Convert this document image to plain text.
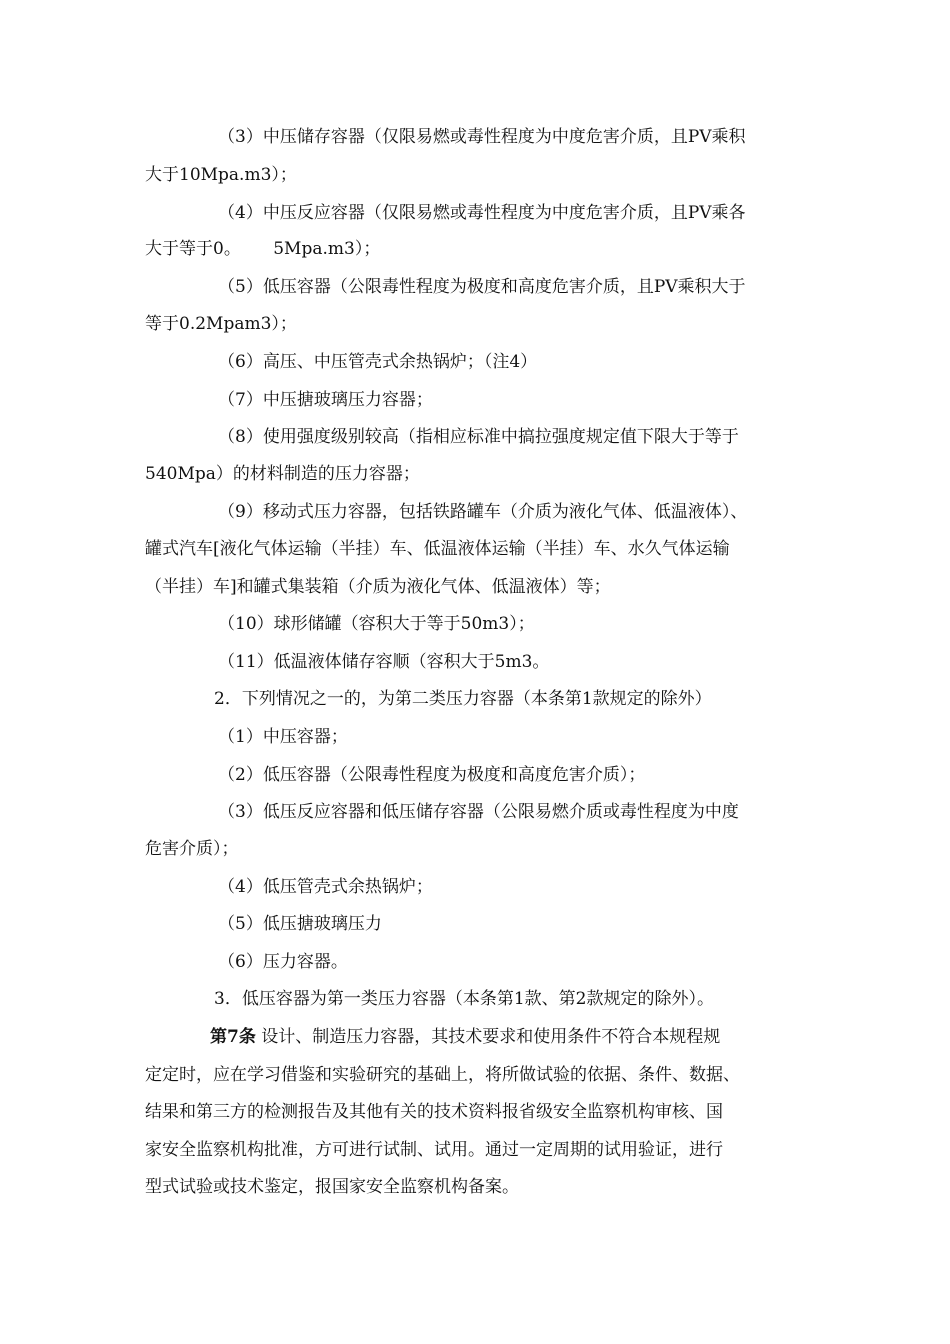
（3）中压储存容器（仅限易燃或毒性程度为中度危害介质，且PV乘积
大于10Mpa.m3）；
（4）中压反应容器（仅限易燃或毒性程度为中度危害介质，且PV乘各
大于等于0。      5Mpa.m3）；
（5）低压容器（公限毒性程度为极度和高度危害介质，且PV乘积大于
等于0.2Mpam3）；
（6）高压、中压管壳式余热锅炉；（注4）
（7）中压搪玻璃压力容器；
（8）使用强度级别较高（指相应标准中搞拉强度规定值下限大于等于
540Mpa）的材料制造的压力容器；
（9）移动式压力容器，包括铁路罐车（介质为液化气体、低温液体）、
罐式汽车[液化气体运输（半挂）车、低温液体运输（半挂）车、水久气体运输
（半挂）车]和罐式集装箱（介质为液化气体、低温液体）等；
（10）球形储罐（容积大于等于50m3）；
（11）低温液体储存容顺（容积大于5m3。
2．下列情况之一的，为第二类压力容器（本条第1款规定的除外）
（1）中压容器；
（2）低压容器（公限毒性程度为极度和高度危害介质）；
（3）低压反应容器和低压储存容器（公限易燃介质或毒性程度为中度
危害介质）；
（4）低压管壳式余热锅炉；
（5）低压搪玻璃压力
（6）压力容器。
3．低压容器为第一类压力容器（本条第1款、第2款规定的除外）。
第7条 设计、制造压力容器，其技术要求和使用条件不符合本规程规
定定时，应在学习借鉴和实验研究的基础上，将所做试验的依据、条件、数据、
结果和第三方的检测报告及其他有关的技术资料报省级安全监察机构审核、国
家安全监察机构批准，方可进行试制、试用。通过一定周期的试用验证，进行
型式试验或技术鉴定，报国家安全监察机构备案。
